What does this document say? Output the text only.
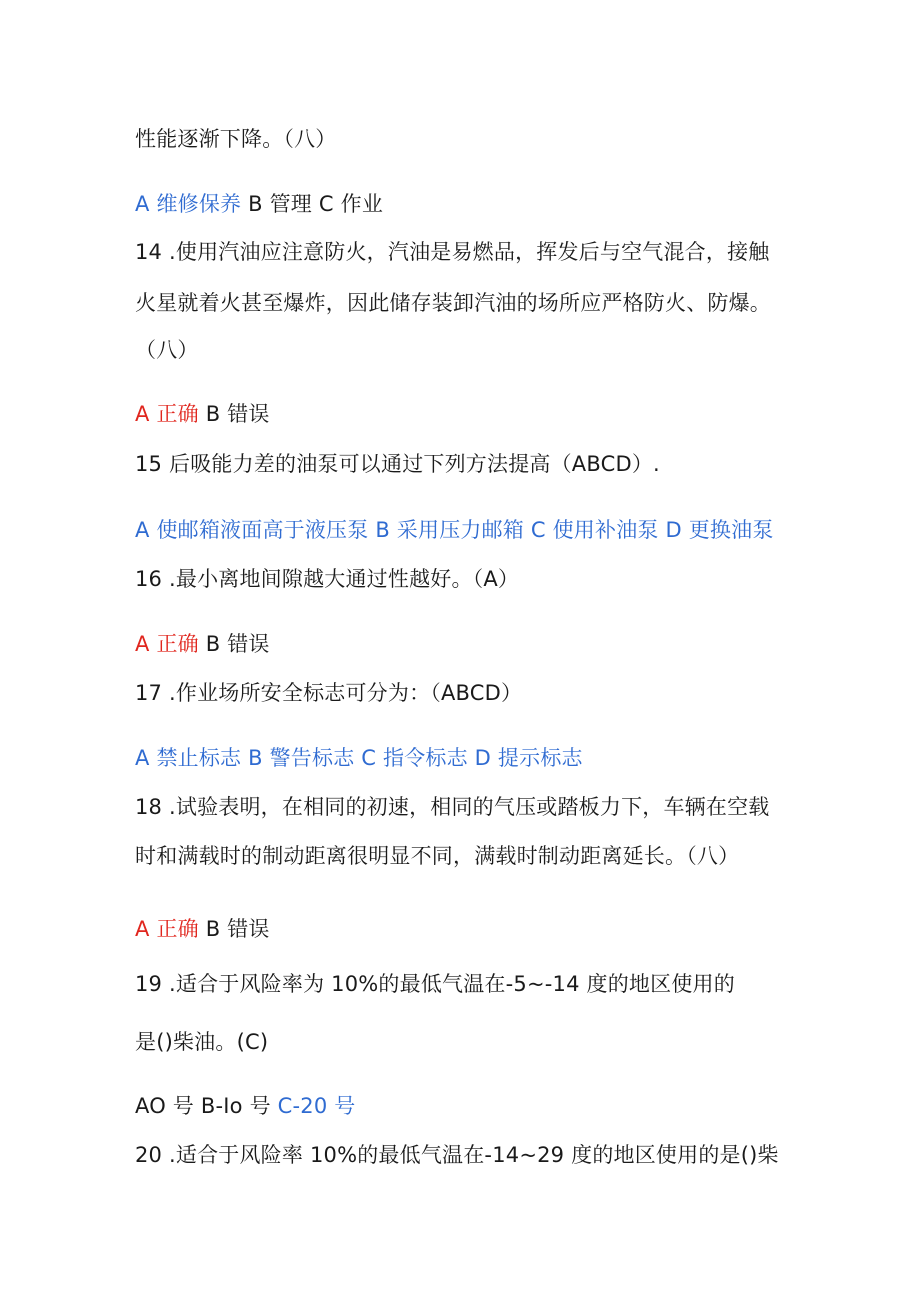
性能逐渐下降。（八）
A 维修保养 B 管理 C 作业
14 .使用汽油应注意防火，汽油是易燃品，挥发后与空气混合，接触
火星就着火甚至爆炸，因此储存装卸汽油的场所应严格防火、防爆。
（八）
A 正确 B 错误
15 后吸能力差的油泵可以通过下列方法提高（ABCD）.
A 使邮箱液面高于液压泵 B 采用压力邮箱 C 使用补油泵 D 更换油泵
16 .最小离地间隙越大通过性越好。（A）
A 正确 B 错误
17 .作业场所安全标志可分为：（ABCD）
A 禁止标志 B 警告标志 C 指令标志 D 提示标志
18 .试验表明，在相同的初速，相同的气压或踏板力下，车辆在空载
时和满载时的制动距离很明显不同，满载时制动距离延长。（八）
A 正确 B 错误
19 .适合于风险率为 10%的最低气温在-5~-14 度的地区使用的
是()柴油。(C)
AO 号 B-Io 号 C-20 号
20 .适合于风险率 10%的最低气温在-14~29 度的地区使用的是()柴
